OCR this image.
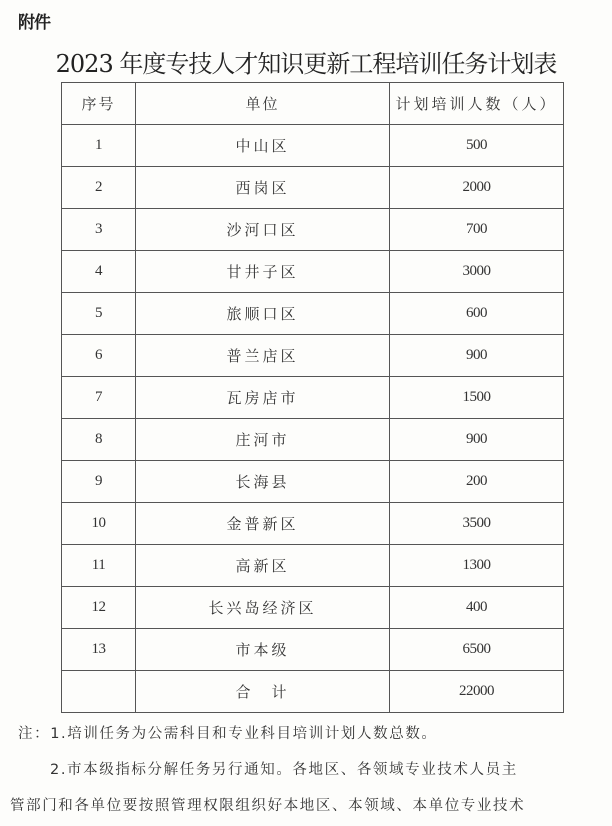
附件
2023 年度专技人才知识更新工程培训任务计划表
序号	单位	计划培训人数（人）
1	中山区	500
2	西岗区	2000
3	沙河口区	700
4	甘井子区	3000
5	旅顺口区	600
6	普兰店区	900
7	瓦房店市	1500
8	庄河市	900
9	长海县	200
10	金普新区	3500
11	高新区	1300
12	长兴岛经济区	400
13	市本级	6500
	合　计	22000

注：1.培训任务为公需科目和专业科目培训计划人数总数。

2.市本级指标分解任务另行通知。各地区、各领域专业技术人员主

管部门和各单位要按照管理权限组织好本地区、本领域、本单位专业技术
